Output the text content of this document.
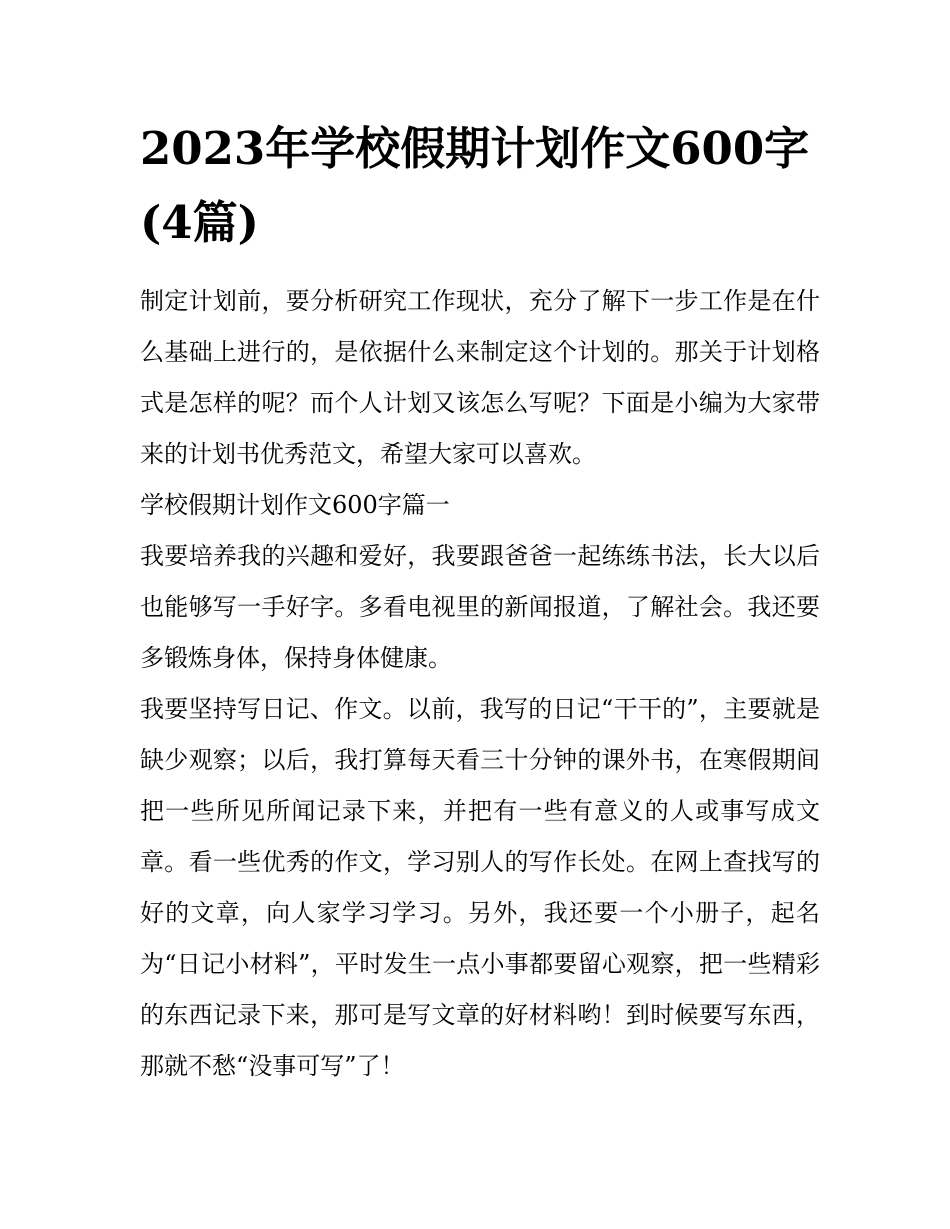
2023年学校假期计划作文600字(4篇)

制定计划前，要分析研究工作现状，充分了解下一步工作是在什么基础上进行的，是依据什么来制定这个计划的。那关于计划格式是怎样的呢？而个人计划又该怎么写呢？下面是小编为大家带来的计划书优秀范文，希望大家可以喜欢。

学校假期计划作文600字篇一

我要培养我的兴趣和爱好，我要跟爸爸一起练练书法，长大以后也能够写一手好字。多看电视里的新闻报道，了解社会。我还要多锻炼身体，保持身体健康。

我要坚持写日记、作文。以前，我写的日记“干干的”，主要就是缺少观察；以后，我打算每天看三十分钟的课外书，在寒假期间把一些所见所闻记录下来，并把有一些有意义的人或事写成文章。看一些优秀的作文，学习别人的写作长处。在网上查找写的好的文章，向人家学习学习。另外，我还要一个小册子，起名为“日记小材料”，平时发生一点小事都要留心观察，把一些精彩的东西记录下来，那可是写文章的好材料哟！到时候要写东西，那就不愁“没事可写”了！
